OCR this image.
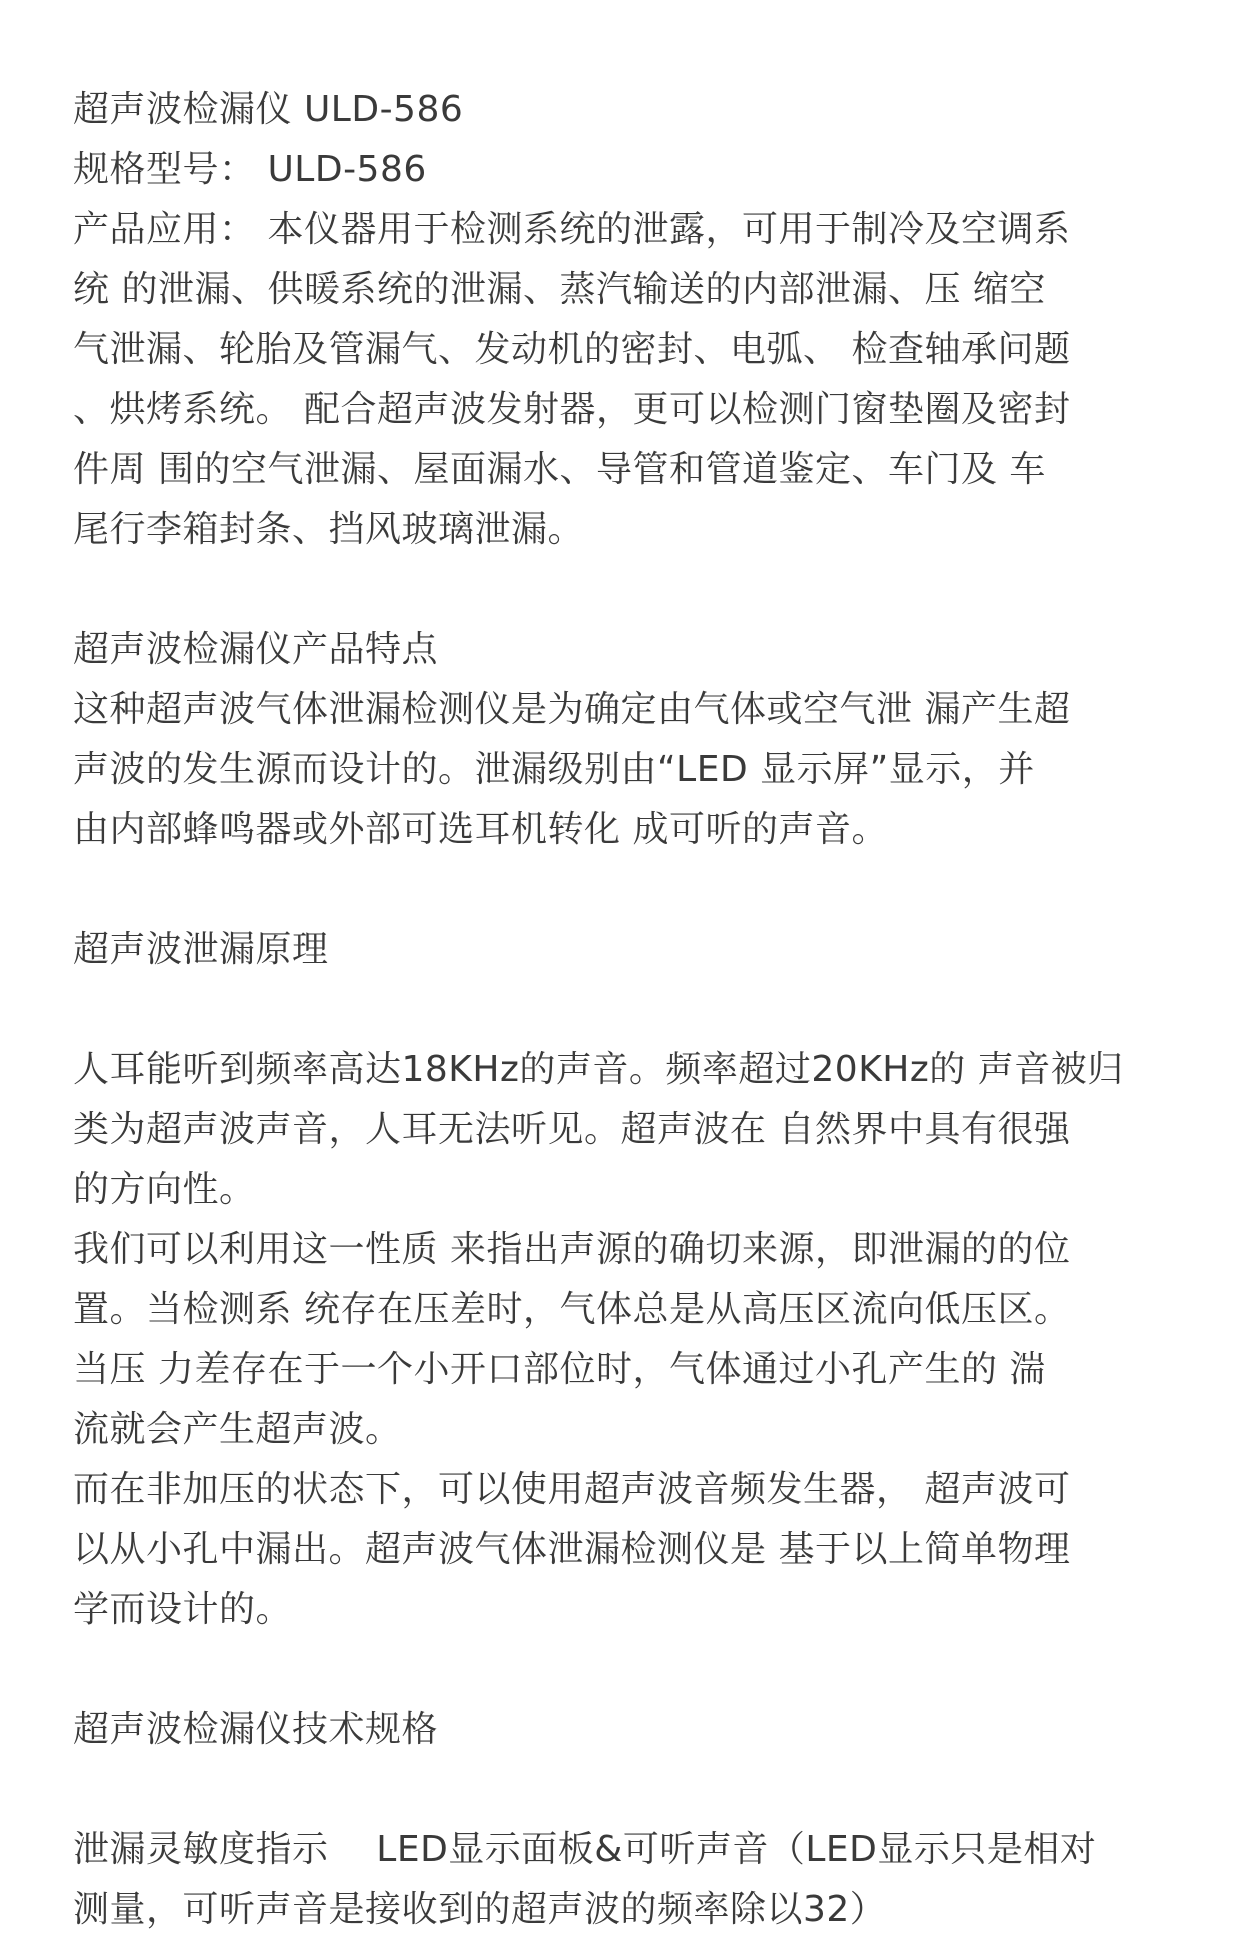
超声波检漏仪 ULD-586
规格型号： ULD-586
产品应用： 本仪器用于检测系统的泄露，可用于制冷及空调系
统 的泄漏、供暖系统的泄漏、蒸汽输送的内部泄漏、压 缩空
气泄漏、轮胎及管漏气、发动机的密封、电弧、 检查轴承问题
、烘烤系统。 配合超声波发射器，更可以检测门窗垫圈及密封
件周 围的空气泄漏、屋面漏水、导管和管道鉴定、车门及 车
尾行李箱封条、挡风玻璃泄漏。
超声波检漏仪产品特点
这种超声波气体泄漏检测仪是为确定由气体或空气泄 漏产生超
声波的发生源而设计的。泄漏级别由“LED 显示屏”显示，并
由内部蜂鸣器或外部可选耳机转化 成可听的声音。
超声波泄漏原理
人耳能听到频率高达18KHz的声音。频率超过20KHz的 声音被归
类为超声波声音，人耳无法听见。超声波在 自然界中具有很强
的方向性。
我们可以利用这一性质 来指出声源的确切来源，即泄漏的的位
置。当检测系 统存在压差时，气体总是从高压区流向低压区。
当压 力差存在于一个小开口部位时，气体通过小孔产生的 湍
流就会产生超声波。
而在非加压的状态下，可以使用超声波音频发生器， 超声波可
以从小孔中漏出。超声波气体泄漏检测仪是 基于以上简单物理
学而设计的。
超声波检漏仪技术规格
泄漏灵敏度指示    LED显示面板&可听声音（LED显示只是相对
测量，可听声音是接收到的超声波的频率除以32）
